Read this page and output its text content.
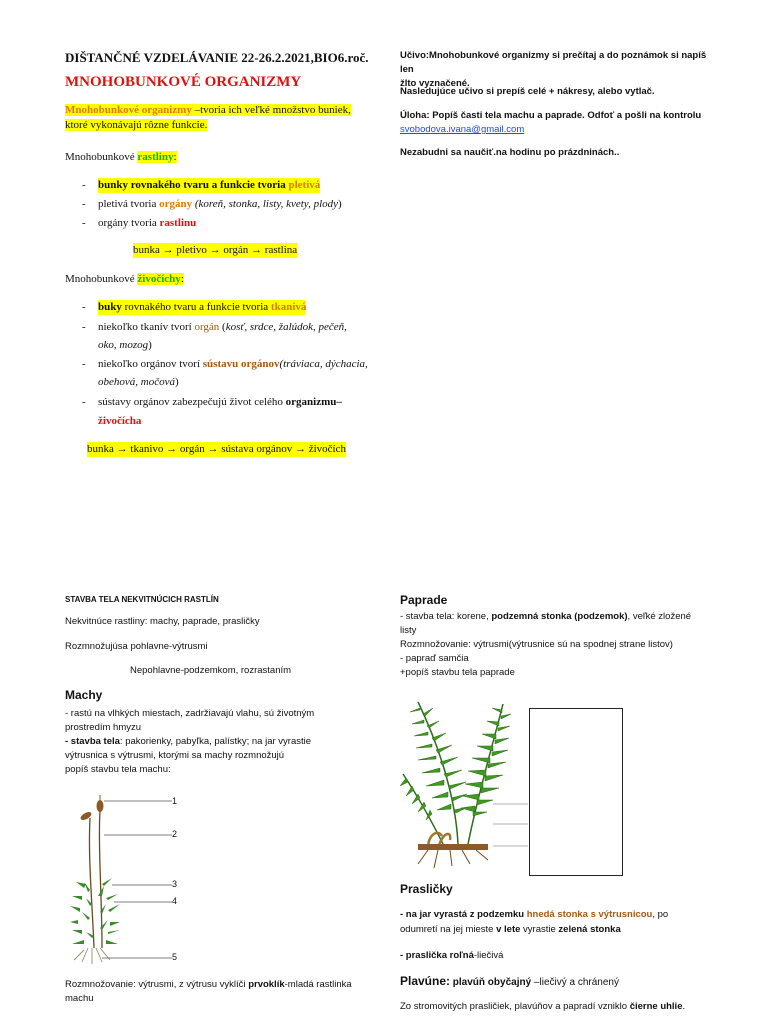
DIŠTANČNÉ VZDELÁVANIE 22-26.2.2021,BIO6.roč.
MNOHOBUNKOVÉ ORGANIZMY
Mnohobunkové organizmy –tvoria ich veľké množstvo buniek,
ktoré vykonávajú rôzne funkcie.
Mnohobunkové rastliny:
- bunky rovnakého tvaru a funkcie tvoria pletivá
- pletivá tvoria orgány (koreň, stonka, listy, kvety, plody)
- orgány tvoria rastlinu
bunka → pletivo → orgán → rastlina
Mnohobunkové živočíchy:
- buky rovnakého tvaru a funkcie tvoria tkanivá
- niekoľko tkanív tvorí orgán (kosť, srdce, žalúdok, pečeň,
oko, mozog)
- niekoľko orgánov tvorí sústavu orgánov(tráviaca, dýchacia,
obehová, močová)
- sústavy orgánov zabezpečujú život celého organizmu–
živočícha
bunka → tkanivo → orgán → sústava orgánov → živočích
Učivo:Mnohobunkové organizmy si prečítaj a do poznámok si napíš len
žlto vyznačené.
Nasledujúce učivo si prepíš celé + nákresy, alebo vytlač.
Úloha: Popíš časti tela machu a paprade. Odfoť a pošli na kontrolu
svobodova.ivana@gmail.com
Nezabudni sa naučiť.na hodinu po prázdninách..
STAVBA TELA NEKVITNÚCICH RASTLÍN
Nekvitnúce rastliny: machy, paprade, prasličky
Rozmnožujúsa pohlavne-výtrusmi
Nepohlavne-podzemkom, rozrastaním
Machy
- rastú na vlhkých miestach, zadržiavajú vlahu, sú životným
prostredím hmyzu
- stavba tela: pakorienky, pabyľka, palístky; na jar vyrastie
výtrusnica s výtrusmi, ktorými sa machy rozmnožujú
popíš stavbu tela machu:
1
2
3
4
5
Rozmnožovanie: výtrusmi, z výtrusu vyklíči prvoklík-mladá rastlinka
machu
Paprade
- stavba tela: korene, podzemná stonka (podzemok), veľké zložené
listy
Rozmnožovanie: výtrusmi(výtrusnice sú na spodnej strane listov)
- papraď samčia
+popíš stavbu tela paprade
Prasličky
- na jar vyrastá z podzemku hnedá stonka s výtrusnicou, po
odumretí na jej mieste v lete vyrastie zelená stonka
- praslička roľná-liečivá
Plavúne: plavúň obyčajný –liečivý a chránený
Zo stromovitých prasličiek, plavúňov a papradí vzniklo čierne uhlie.
